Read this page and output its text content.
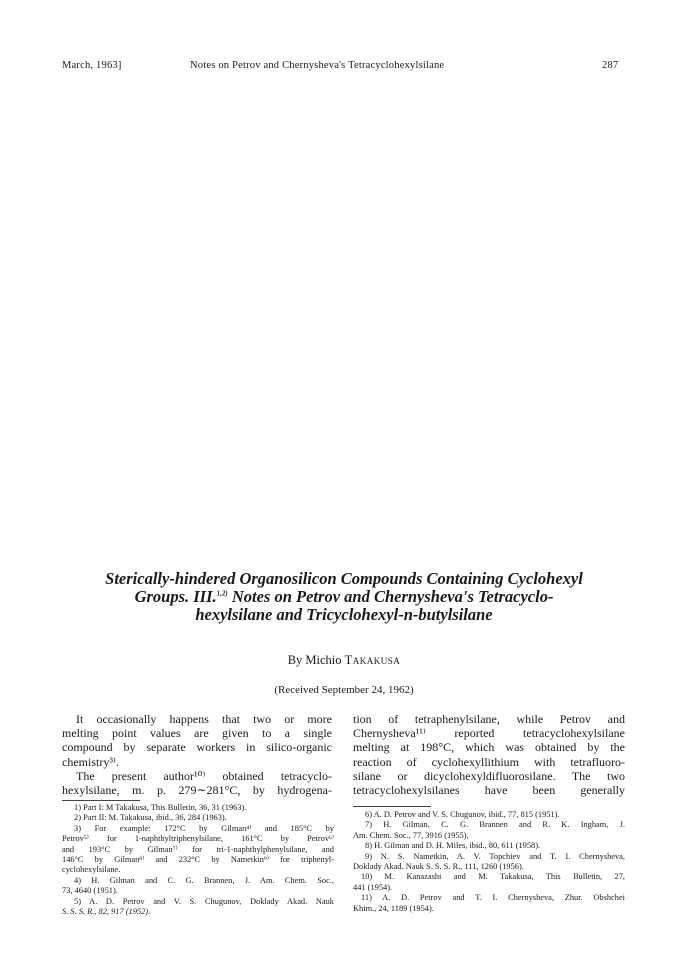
March, 1963]	Notes on Petrov and Chernysheva's Tetracyclohexylsilane	287
Sterically-hindered Organosilicon Compounds Containing Cyclohexyl
Groups. III.$^{1,2)}$ Notes on Petrov and Chernysheva's Tetracyclo-
hexylsilane and Tricyclohexyl-n-butylsilane
By Michio Takakusa
(Received September 24, 1962)
It occasionally happens that two or more
melting point values are given to a single
compound by separate workers in silico-organic
chemistry³⁾.
The present author¹⁰⁾ obtained tetracyclo-
hexylsilane, m. p. 279∼281°C, by hydrogena-
tion of tetraphenylsilane, while Petrov and
Chernysheva¹¹⁾ reported tetracyclohexylsilane
melting at 198°C, which was obtained by the
reaction of cyclohexyllithium with tetrafluoro-
silane or dicyclohexyldifluorosilane. The two
tetracyclohexylsilanes have been generally
1) Part I: M Takakusa, This Bulletin, 36, 31 (1963).
2) Part II: M. Takakusa, ibid., 36, 284 (1963).
3) For example: 172°C by Gilman⁴⁾ and 185°C by
Petrov⁵⁾ for 1-naphthyltriphenylsilane, 161°C by Petrov⁶⁾
and 193°C by Gilman⁷⁾ for tri-1-naphthylphenylsilane, and
146°C by Gilman⁸⁾ and 232°C by Nametkin⁹⁾ for triphenyl-
cyclohexylsilane.
4) H. Gilman and C. G. Brannen, J. Am. Chem. Soc.,
73, 4640 (1951).
5) A. D. Petrov and V. S. Chugunov, Doklady Akad. Nauk
S. S. S. R., 82, 917 (1952).
6) A. D. Petrov and V. S. Chugunov, ibid., 77, 815 (1951).
7) H. Gilman, C. G. Brannen and R. K. Ingham, J.
Am. Chem. Soc., 77, 3916 (1955).
8) H. Gilman and D. H. Miles, ibid., 80, 611 (1958).
9) N. S. Nametkin, A. V. Topchiev and T. I. Chernysheva,
Doklady Akad. Nauk S. S. S. R., 111, 1260 (1956).
10) M. Kanazashi and M. Takakusa, This Bulletin, 27,
441 (1954).
11) A. D. Petrov and T. I. Chernysheva, Zhur. Obshchei
Khim., 24, 1189 (1954).
